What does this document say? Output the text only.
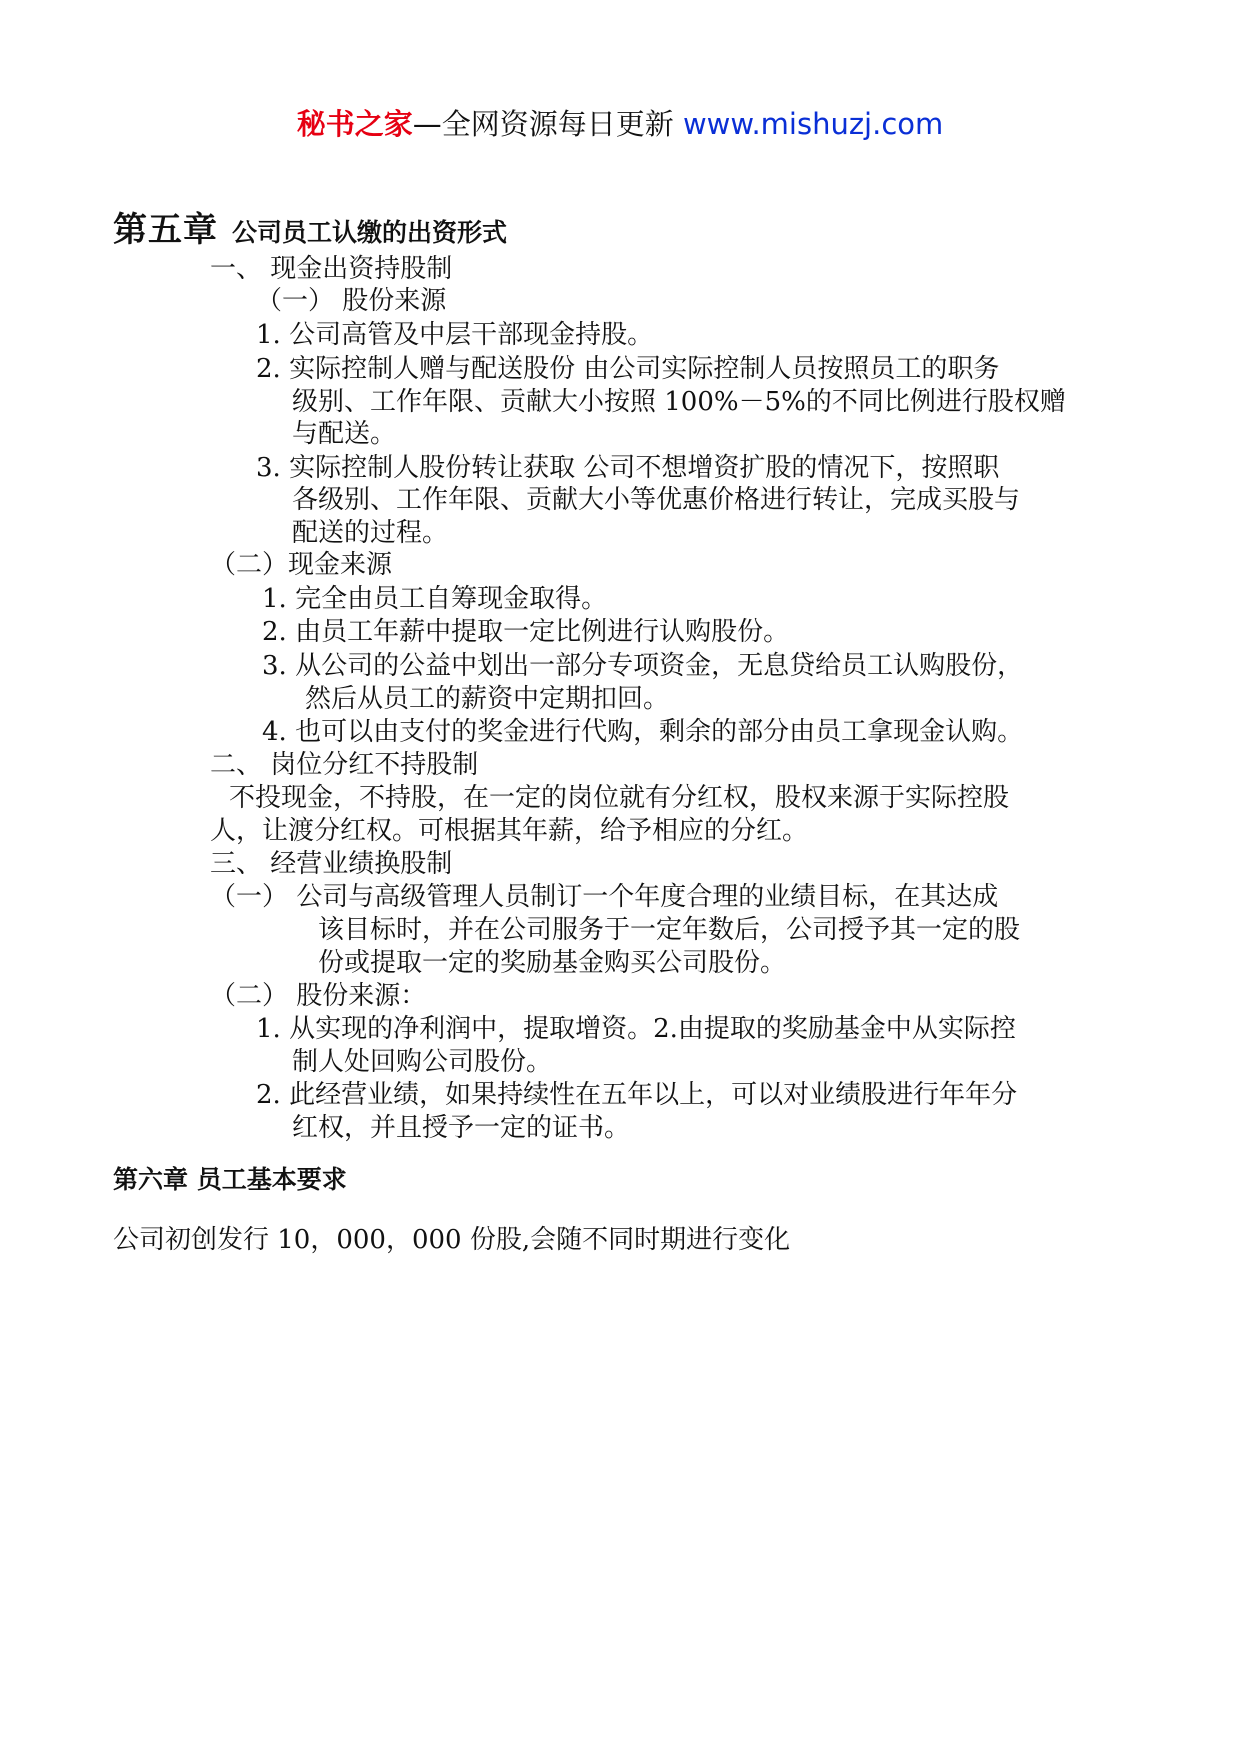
秘书之家—全网资源每日更新 www.mishuzj.com
第五章 公司员工认缴的出资形式
一、 现金出资持股制
（一） 股份来源
1. 公司高管及中层干部现金持股。
2. 实际控制人赠与配送股份 由公司实际控制人员按照员工的职务
级别、工作年限、贡献大小按照 100%－5%的不同比例进行股权赠
与配送。
3. 实际控制人股份转让获取 公司不想增资扩股的情况下，按照职
各级别、工作年限、贡献大小等优惠价格进行转让，完成买股与
配送的过程。
（二）现金来源
1. 完全由员工自筹现金取得。
2. 由员工年薪中提取一定比例进行认购股份。
3. 从公司的公益中划出一部分专项资金，无息贷给员工认购股份，
然后从员工的薪资中定期扣回。
4. 也可以由支付的奖金进行代购，剩余的部分由员工拿现金认购。
二、 岗位分红不持股制
不投现金，不持股，在一定的岗位就有分红权，股权来源于实际控股
人，让渡分红权。可根据其年薪，给予相应的分红。
三、 经营业绩换股制
（一） 公司与高级管理人员制订一个年度合理的业绩目标，在其达成
该目标时，并在公司服务于一定年数后，公司授予其一定的股
份或提取一定的奖励基金购买公司股份。
（二） 股份来源：
1. 从实现的净利润中，提取增资。2.由提取的奖励基金中从实际控
制人处回购公司股份。
2. 此经营业绩，如果持续性在五年以上，可以对业绩股进行年年分
红权，并且授予一定的证书。
第六章 员工基本要求
公司初创发行 10，000，000 份股,会随不同时期进行变化
